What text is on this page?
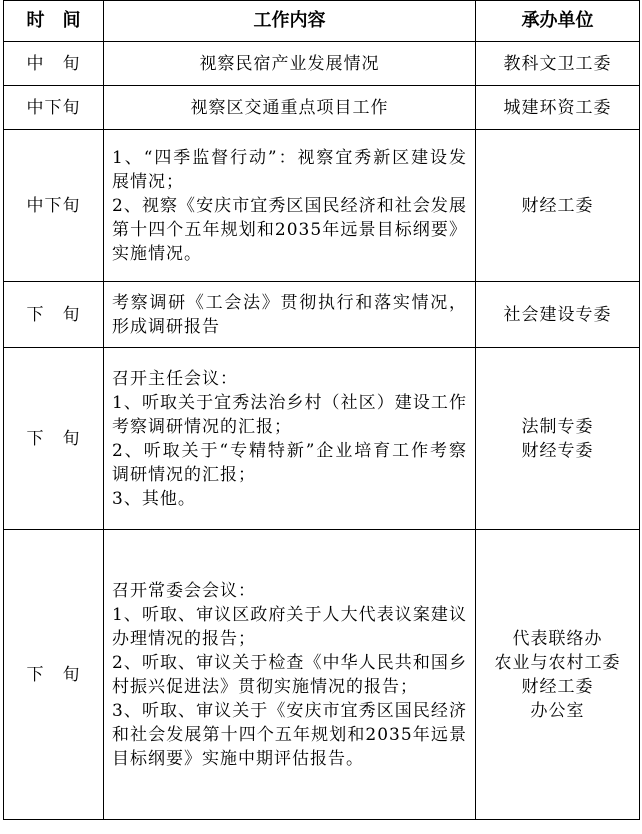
时　间	工作内容	承办单位
中　旬	视察民宿产业发展情况	教科文卫工委

中下旬	视察区交通重点项目工作	城建环资工委

中下旬	1、“四季监督行动”：视察宜秀新区建设发展情况；
2、视察《安庆市宜秀区国民经济和社会发展第十四个五年规划和2035年远景目标纲要》实施情况。	财经工委

下　旬	考察调研《工会法》贯彻执行和落实情况，形成调研报告	社会建设专委

下　旬	召开主任会议：
1、听取关于宜秀法治乡村（社区）建设工作考察调研情况的汇报；
2、听取关于“专精特新”企业培育工作考察调研情况的汇报；
3、其他。	法制专委
财经专委

下　旬	召开常委会会议：
1、听取、审议区政府关于人大代表议案建议办理情况的报告；
2、听取、审议关于检查《中华人民共和国乡村振兴促进法》贯彻实施情况的报告；
3、听取、审议关于《安庆市宜秀区国民经济和社会发展第十四个五年规划和2035年远景目标纲要》实施中期评估报告。	代表联络办
农业与农村工委
财经工委
办公室
